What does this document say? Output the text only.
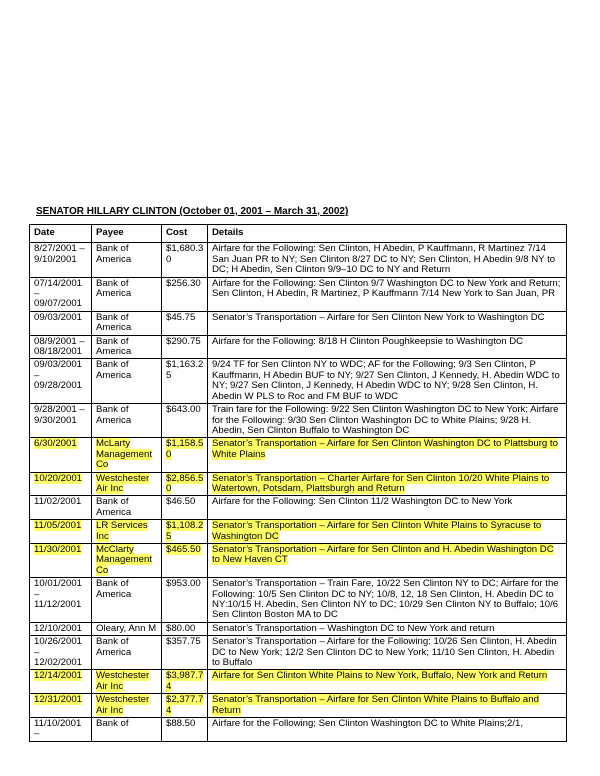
SENATOR HILLARY CLINTON (October 01, 2001 – March 31, 2002)
Date	Payee	Cost	Details
8/27/2001 – 9/10/2001	Bank of America	$1,680.30	Airfare for the Following: Sen Clinton, H Abedin, P Kauffmann, R Martinez 7/14 San Juan PR to NY; Sen Clinton 8/27 DC to NY; Sen Clinton, H Abedin 9/8 NY to DC; H Abedin, Sen Clinton 9/9–10 DC to NY and Return
07/14/2001 – 09/07/2001	Bank of America	$256.30	Airfare for the Following: Sen Clinton 9/7 Washington DC to New York and Return; Sen Clinton, H Abedin, R Martinez, P Kauffmann 7/14 New York to San Juan, PR
09/03/2001	Bank of America	$45.75	Senator’s Transportation – Airfare for Sen Clinton New York to Washington DC
08/9/2001 – 08/18/2001	Bank of America	$290.75	Airfare for the Following: 8/18 H Clinton Poughkeepsie to Washington DC
09/03/2001 – 09/28/2001	Bank of America	$1,163.25	9/24 TF for Sen Clinton NY to WDC; AF for the Following; 9/3 Sen Clinton, P Kauffmann, H Abedin BUF to NY; 9/27 Sen Clinton, J Kennedy, H. Abedin WDC to NY; 9/27 Sen Clinton, J Kennedy, H Abedin WDC to NY; 9/28 Sen Clinton, H. Abedin W PLS to Roc and FM BUF to WDC
9/28/2001 – 9/30/2001	Bank of America	$643.00	Train fare for the Following: 9/22 Sen Clinton Washington DC to New York; Airfare for the Following: 9/30 Sen Clinton Washington DC to White Plains; 9/28 H. Abedin, Sen Clinton Buffalo to Washington DC
6/30/2001	McLarty Management Co	$1,158.50	Senator’s Transportation – Airfare for Sen Clinton Washington DC to Plattsburg to White Plains
10/20/2001	Westchester Air Inc	$2,856.50	Senator’s Transportation – Charter Airfare for Sen Clinton 10/20 White Plains to Watertown, Potsdam, Plattsburgh and Return
11/02/2001	Bank of America	$46.50	Airfare for the Following: Sen Clinton 11/2 Washington DC to New York
11/05/2001	LR Services Inc	$1,108.25	Senator’s Transportation – Airfare for Sen Clinton White Plains to Syracuse to Washington DC
11/30/2001	McClarty Management Co	$465.50	Senator’s Transportation – Airfare for Sen Clinton and H. Abedin Washington DC to New Haven CT
10/01/2001 – 11/12/2001	Bank of America	$953.00	Senator’s Transportation – Train Fare, 10/22 Sen Clinton NY to DC; Airfare for the Following: 10/5 Sen Clinton DC to NY; 10/8, 12, 18 Sen Clinton, H. Abedin DC to NY:10/15 H. Abedin, Sen Clinton NY to DC; 10/29 Sen Clinton NY to Buffalo; 10/6 Sen Clinton Boston MA to DC
12/10/2001	Oleary, Ann M	$80.00	Senator’s Transportation – Washington DC to New York and return
10/26/2001 – 12/02/2001	Bank of America	$357.75	Senator’s Transportation – Airfare for the Following: 10/26 Sen Clinton, H. Abedin DC to New York; 12/2 Sen Clinton DC to New York; 11/10 Sen Clinton, H. Abedin to Buffalo
12/14/2001	Westchester Air Inc	$3,987.74	Airfare for Sen Clinton White Plains to New York, Buffalo, New York and Return
12/31/2001	Westchester Air Inc	$2,377.74	Senator’s Transportation – Airfare for Sen Clinton White Plains to Buffalo and Return
11/10/2001 –	Bank of	$88.50	Airfare for the Following; Sen Clinton Washington DC to White Plains;2/1,
